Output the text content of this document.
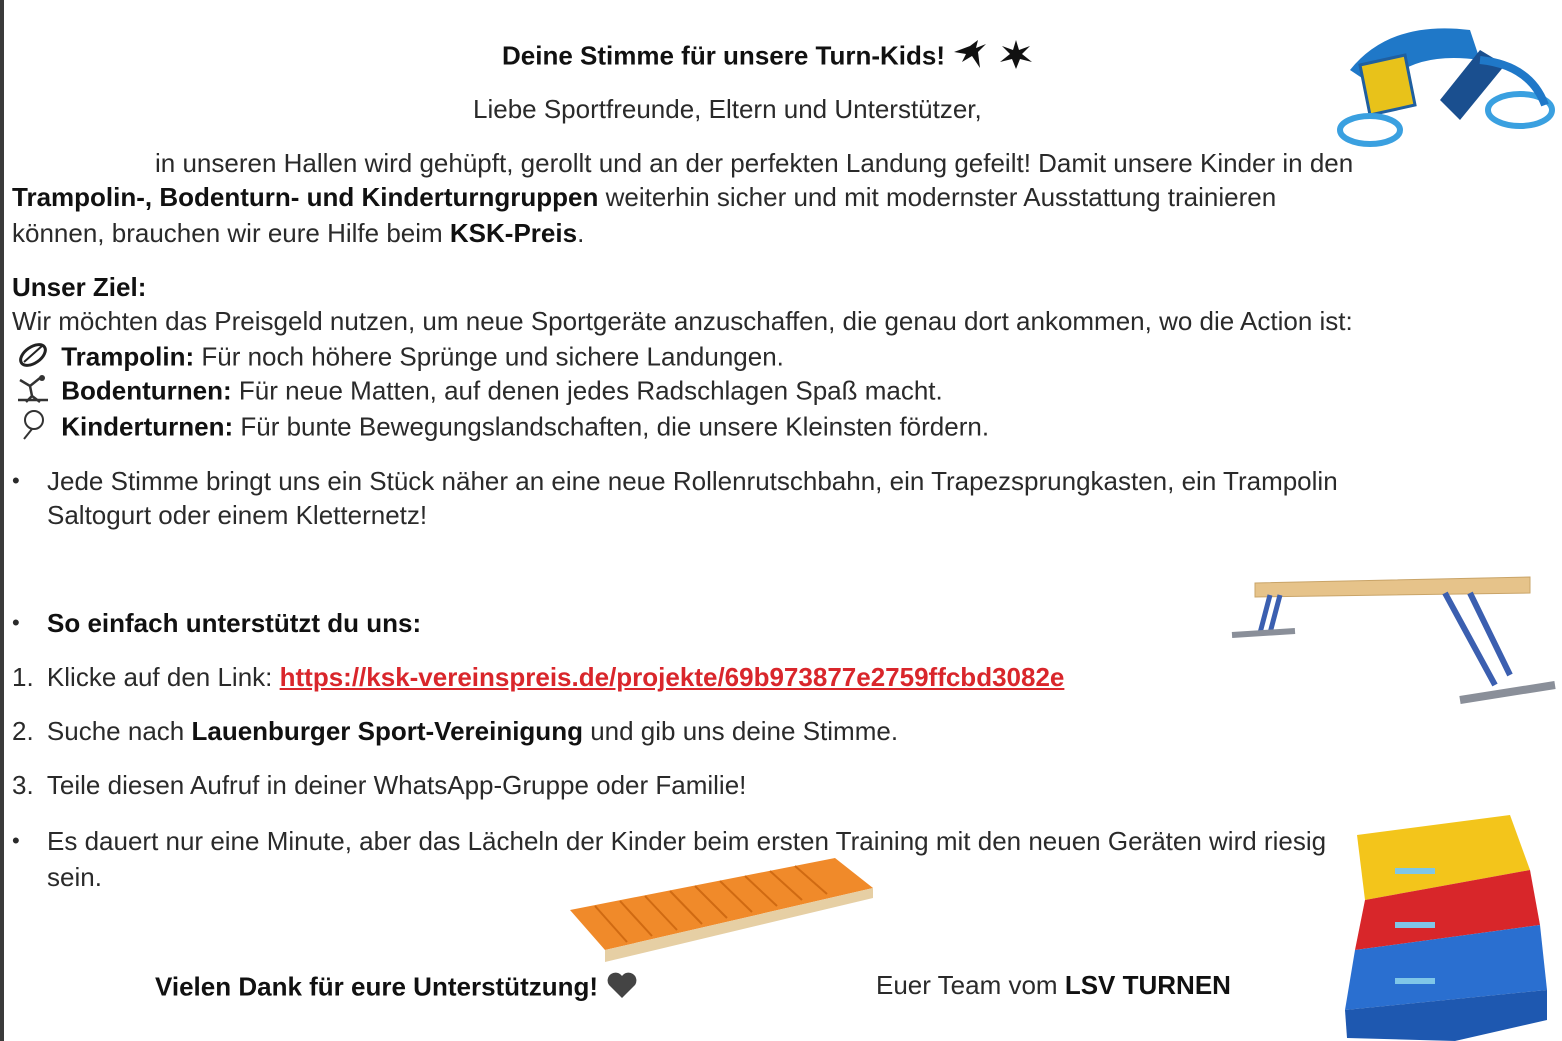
Deine Stimme für unsere Turn-Kids!
Liebe Sportfreunde, Eltern und Unterstützer,
in unseren Hallen wird gehüpft, gerollt und an der perfekten Landung gefeilt! Damit unsere Kinder in den
Trampolin-, Bodenturn- und Kinderturngruppen weiterhin sicher und mit modernster Ausstattung trainieren
können, brauchen wir eure Hilfe beim KSK-Preis.
Unser Ziel:
Wir möchten das Preisgeld nutzen, um neue Sportgeräte anzuschaffen, die genau dort ankommen, wo die Action ist:
Trampolin: Für noch höhere Sprünge und sichere Landungen.
Bodenturnen: Für neue Matten, auf denen jedes Radschlagen Spaß macht.
Kinderturnen: Für bunte Bewegungslandschaften, die unsere Kleinsten fördern.
• Jede Stimme bringt uns ein Stück näher an eine neue Rollenrutschbahn, ein Trapezsprungkasten, ein Trampolin
Saltogurt oder einem Kletternetz!
• So einfach unterstützt du uns:
1. Klicke auf den Link: https://ksk-vereinspreis.de/projekte/69b973877e2759ffcbd3082e
2. Suche nach Lauenburger Sport-Vereinigung und gib uns deine Stimme.
3. Teile diesen Aufruf in deiner WhatsApp-Gruppe oder Familie!
• Es dauert nur eine Minute, aber das Lächeln der Kinder beim ersten Training mit den neuen Geräten wird riesig
sein.
Vielen Dank für eure Unterstützung!	Euer Team vom LSV TURNEN
